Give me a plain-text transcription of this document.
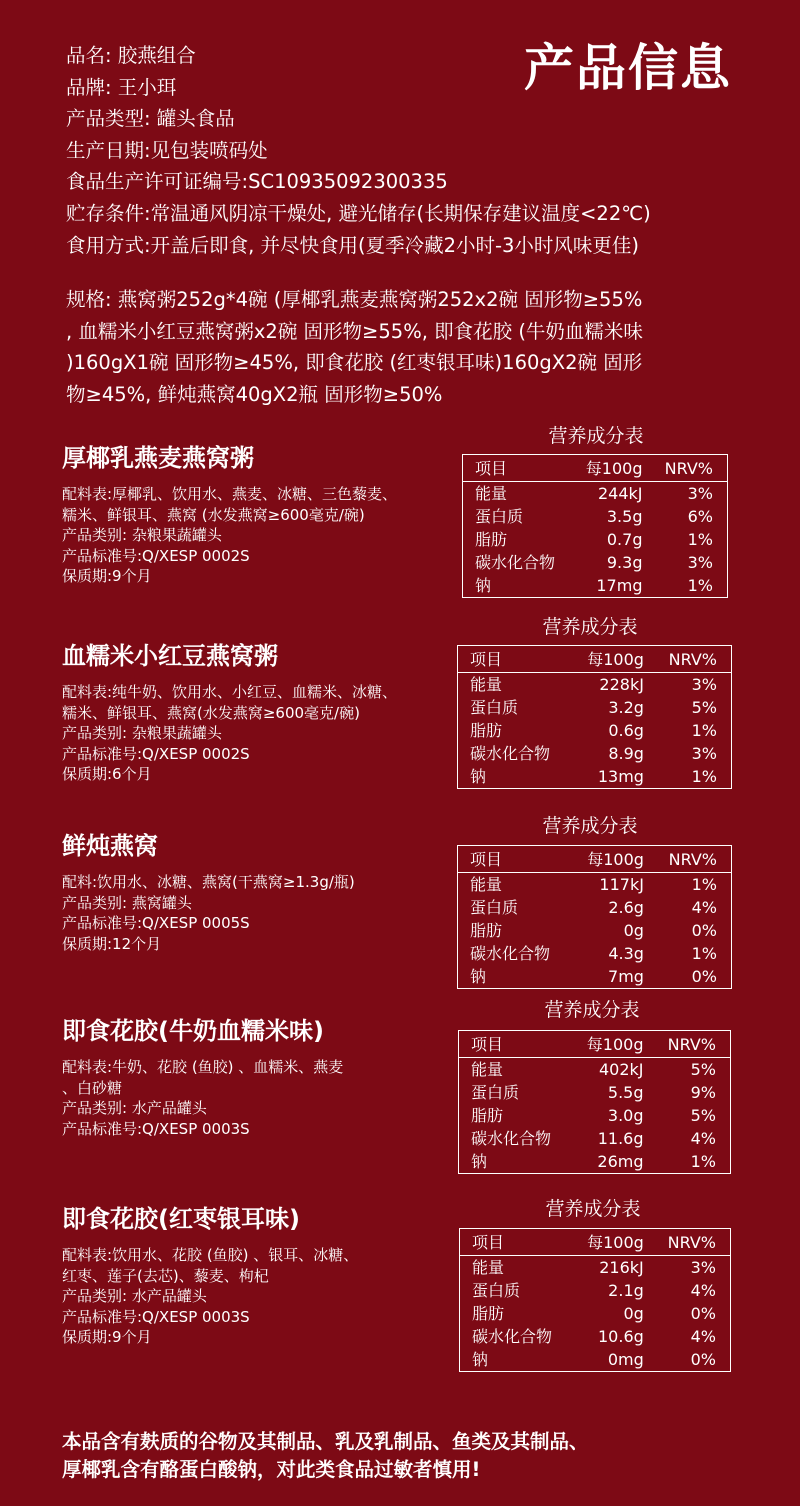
产品信息
品名: 胶燕组合
品牌: 王小珥
产品类型: 罐头食品
生产日期:见包装喷码处
食品生产许可证编号:SC10935092300335
贮存条件:常温通风阴凉干燥处, 避光储存(长期保存建议温度<22℃)
食用方式:开盖后即食, 并尽快食用(夏季冷藏2小时-3小时风味更佳)
规格: 燕窝粥252g*4碗 (厚椰乳燕麦燕窝粥252x2碗 固形物≥55%
, 血糯米小红豆燕窝粥x2碗 固形物≥55%, 即食花胶 (牛奶血糯米味
)160gX1碗 固形物≥45%, 即食花胶 (红枣银耳味)160gX2碗 固形
物≥45%, 鲜炖燕窝40gX2瓶 固形物≥50%
厚椰乳燕麦燕窝粥
配料表:厚椰乳、饮用水、燕麦、冰糖、三色藜麦、
糯米、鲜银耳、燕窝 (水发燕窝≥600毫克/碗)
产品类别: 杂粮果蔬罐头
产品标准号:Q/XESP 0002S
保质期:9个月
营养成分表
项目	每100g	NRV%
能量	244kJ	3%
蛋白质	3.5g	6%
脂肪	0.7g	1%
碳水化合物	9.3g	3%
钠	17mg	1%
血糯米小红豆燕窝粥
配料表:纯牛奶、饮用水、小红豆、血糯米、冰糖、
糯米、鲜银耳、燕窝(水发燕窝≥600毫克/碗)
产品类别: 杂粮果蔬罐头
产品标准号:Q/XESP 0002S
保质期:6个月
营养成分表
项目	每100g	NRV%
能量	228kJ	3%
蛋白质	3.2g	5%
脂肪	0.6g	1%
碳水化合物	8.9g	3%
钠	13mg	1%
鲜炖燕窝
配料:饮用水、冰糖、燕窝(干燕窝≥1.3g/瓶)
产品类别: 燕窝罐头
产品标准号:Q/XESP 0005S
保质期:12个月
营养成分表
项目	每100g	NRV%
能量	117kJ	1%
蛋白质	2.6g	4%
脂肪	0g	0%
碳水化合物	4.3g	1%
钠	7mg	0%
即食花胶(牛奶血糯米味)
配料表:牛奶、花胶 (鱼胶) 、血糯米、燕麦
、白砂糖
产品类别: 水产品罐头
产品标准号:Q/XESP 0003S
营养成分表
项目	每100g	NRV%
能量	402kJ	5%
蛋白质	5.5g	9%
脂肪	3.0g	5%
碳水化合物	11.6g	4%
钠	26mg	1%
即食花胶(红枣银耳味)
配料表:饮用水、花胶 (鱼胶) 、银耳、冰糖、
红枣、莲子(去芯)、藜麦、枸杞
产品类别: 水产品罐头
产品标准号:Q/XESP 0003S
保质期:9个月
营养成分表
项目	每100g	NRV%
能量	216kJ	3%
蛋白质	2.1g	4%
脂肪	0g	0%
碳水化合物	10.6g	4%
钠	0mg	0%
本品含有麸质的谷物及其制品、乳及乳制品、鱼类及其制品、
厚椰乳含有酪蛋白酸钠，对此类食品过敏者慎用!
